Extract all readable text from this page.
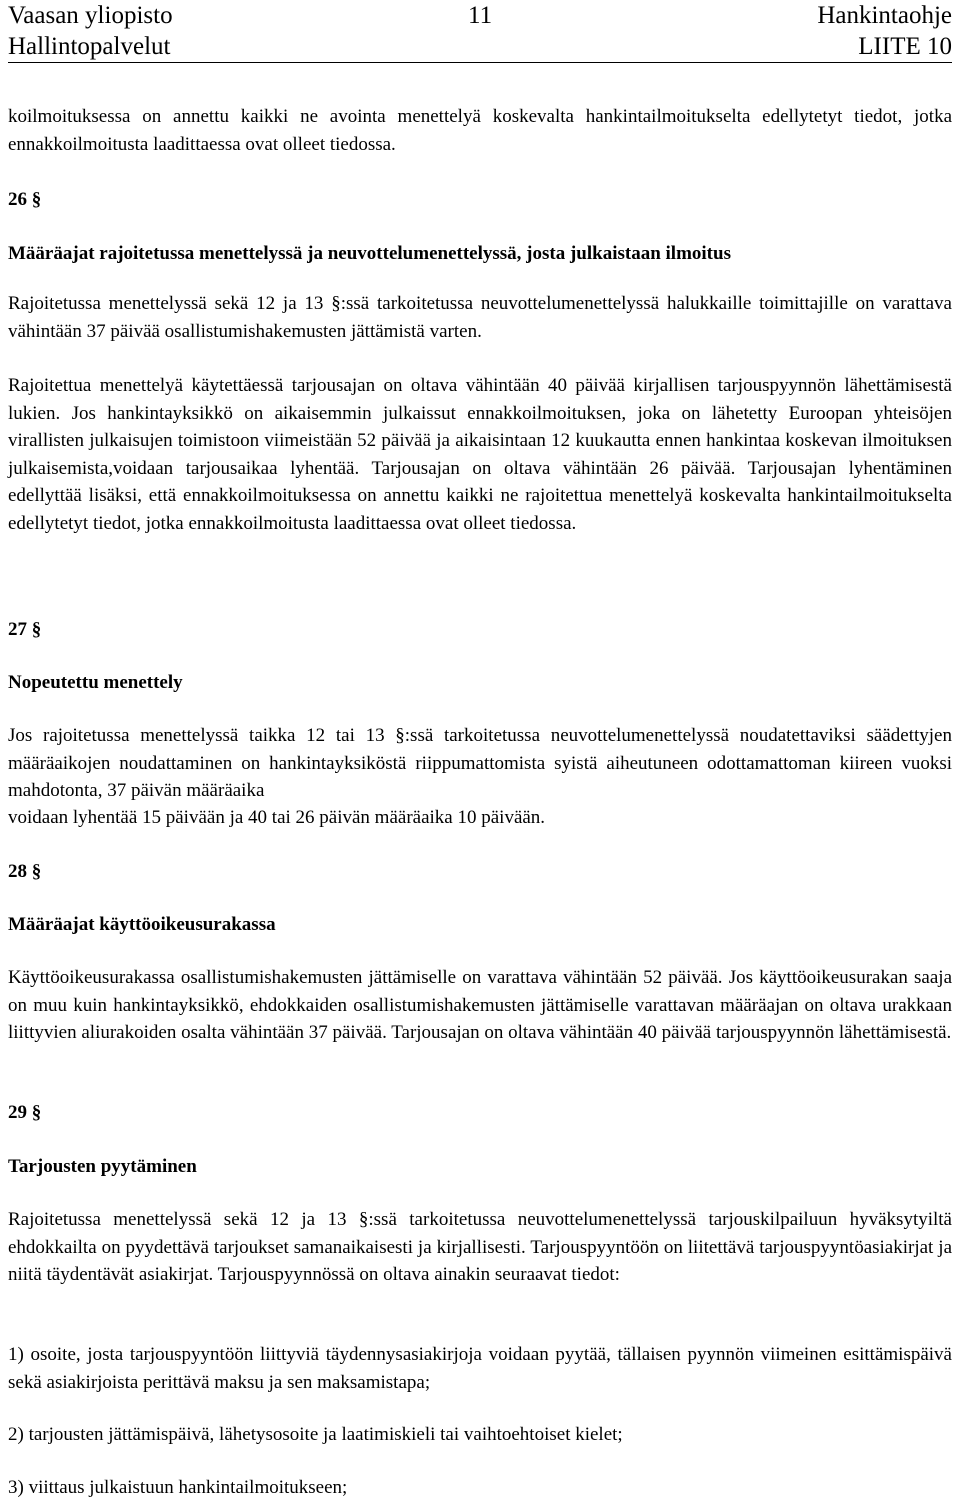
Vaasan yliopisto	11	Hankintaohje
Hallintopalvelut	LIITE 10

koilmoituksessa on annettu kaikki ne avointa menettelyä koskevalta hankintailmoitukselta edellytetyt tiedot, jotka ennakkoilmoitusta laadittaessa ovat olleet tiedossa.

26 §

Määräajat rajoitetussa menettelyssä ja neuvottelumenettelyssä, josta julkaistaan ilmoitus

Rajoitetussa menettelyssä sekä 12 ja 13 §:ssä tarkoitetussa neuvottelumenettelyssä halukkaille toimittajille on varattava vähintään 37 päivää osallistumishakemusten jättämistä varten.

Rajoitettua menettelyä käytettäessä tarjousajan on oltava vähintään 40 päivää kirjallisen tarjouspyynnön lähettämisestä lukien. Jos hankintayksikkö on aikaisemmin julkaissut ennakkoilmoituksen, joka on lähetetty Euroopan yhteisöjen virallisten julkaisujen toimistoon viimeistään 52 päivää ja aikaisintaan 12 kuukautta ennen hankintaa koskevan ilmoituksen julkaisemista,voidaan tarjousaikaa lyhentää. Tarjousajan on oltava vähintään 26 päivää. Tarjousajan lyhentäminen edellyttää lisäksi, että ennakkoilmoituksessa on annettu kaikki ne rajoitettua menettelyä koskevalta hankintailmoitukselta edellytetyt tiedot, jotka ennakkoilmoitusta laadittaessa ovat olleet tiedossa.

27 §

Nopeutettu menettely

Jos rajoitetussa menettelyssä taikka 12 tai 13 §:ssä tarkoitetussa neuvottelumenettelyssä noudatettaviksi säädettyjen määräaikojen noudattaminen on hankintayksiköstä riippumattomista syistä aiheutuneen odottamattoman kiireen vuoksi mahdotonta, 37 päivän määräaika

voidaan lyhentää 15 päivään ja 40 tai 26 päivän määräaika 10 päivään.

28 §

Määräajat käyttöoikeusurakassa

Käyttöoikeusurakassa osallistumishakemusten jättämiselle on varattava vähintään 52 päivää. Jos käyttöoikeusurakan saaja on muu kuin hankintayksikkö, ehdokkaiden osallistumishakemusten jättämiselle varattavan määräajan on oltava urakkaan liittyvien aliurakoiden osalta vähintään 37 päivää. Tarjousajan on oltava vähintään 40 päivää tarjouspyynnön lähettämisestä.

29 §

Tarjousten pyytäminen

Rajoitetussa menettelyssä sekä 12 ja 13 §:ssä tarkoitetussa neuvottelumenettelyssä tarjouskilpailuun hyväksytyiltä ehdokkailta on pyydettävä tarjoukset samanaikaisesti ja kirjallisesti. Tarjouspyyntöön on liitettävä tarjouspyyntöasiakirjat ja niitä täydentävät asiakirjat. Tarjouspyynnössä on oltava ainakin seuraavat tiedot:

1) osoite, josta tarjouspyyntöön liittyviä täydennysasiakirjoja voidaan pyytää, tällaisen pyynnön viimeinen esittämispäivä sekä asiakirjoista perittävä maksu ja sen maksamistapa;

2) tarjousten jättämispäivä, lähetysosoite ja laatimiskieli tai vaihtoehtoiset kielet;

3) viittaus julkaistuun hankintailmoitukseen;
